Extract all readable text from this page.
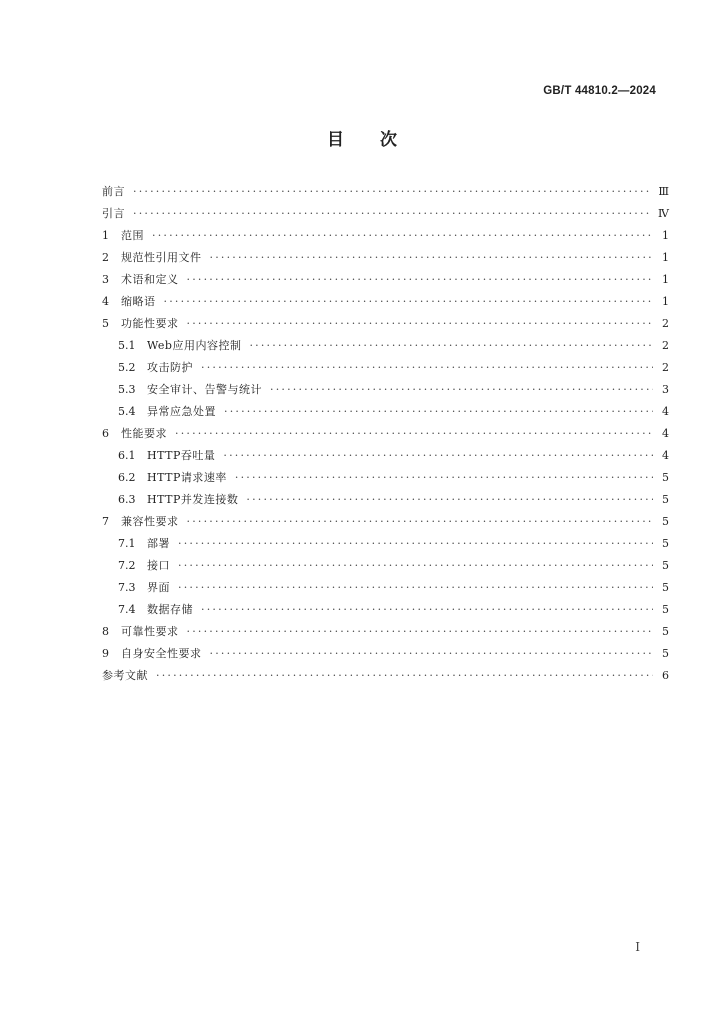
GB/T 44810.2—2024
目 次
前言 ·····	Ⅲ
引言 ·····	Ⅳ
1	范围 ·····	1
2	规范性引用文件 ·····	1
3	术语和定义 ·····	1
4	缩略语 ·····	1
5	功能性要求 ·····	2
5.1	Web应用内容控制 ·····	2
5.2	攻击防护 ·····	2
5.3	安全审计、告警与统计 ·····	3
5.4	异常应急处置 ·····	4
6	性能要求 ·····	4
6.1	HTTP吞吐量 ·····	4
6.2	HTTP请求速率 ·····	5
6.3	HTTP并发连接数 ·····	5
7	兼容性要求 ·····	5
7.1	部署 ·····	5
7.2	接口 ·····	5
7.3	界面 ·····	5
7.4	数据存储 ·····	5
8	可靠性要求 ·····	5
9	自身安全性要求 ·····	5
参考文献 ·····	6
Ⅰ
